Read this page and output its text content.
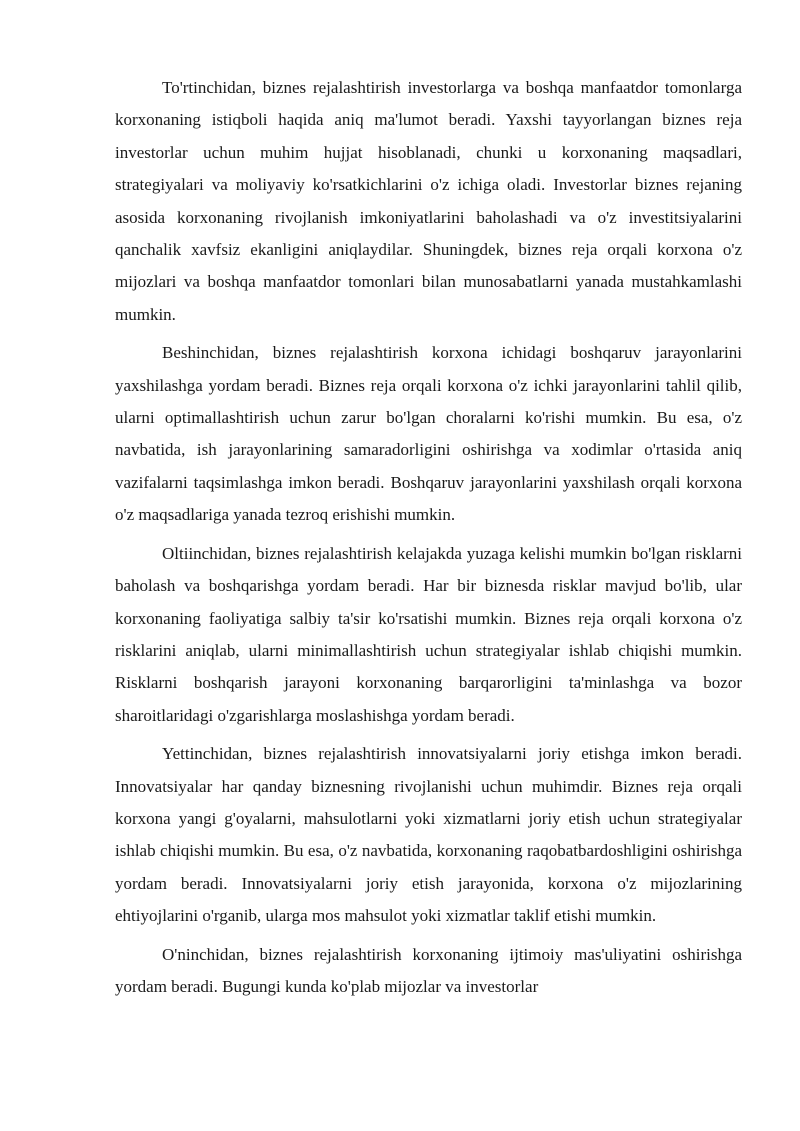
To'rtinchidan, biznes rejalashtirish investorlarga va boshqa manfaatdor tomonlarga korxonaning istiqboli haqida aniq ma'lumot beradi. Yaxshi tayyorlangan biznes reja investorlar uchun muhim hujjat hisoblanadi, chunki u korxonaning maqsadlari, strategiyalari va moliyaviy ko'rsatkichlarini o'z ichiga oladi. Investorlar biznes rejaning asosida korxonaning rivojlanish imkoniyatlarini baholashadi va o'z investitsiyalarini qanchalik xavfsiz ekanligini aniqlaydilar. Shuningdek, biznes reja orqali korxona o'z mijozlari va boshqa manfaatdor tomonlari bilan munosabatlarni yanada mustahkamlashi mumkin.

Beshinchidan, biznes rejalashtirish korxona ichidagi boshqaruv jarayonlarini yaxshilashga yordam beradi. Biznes reja orqali korxona o'z ichki jarayonlarini tahlil qilib, ularni optimallashtirish uchun zarur bo'lgan choralarni ko'rishi mumkin. Bu esa, o'z navbatida, ish jarayonlarining samaradorligini oshirishga va xodimlar o'rtasida aniq vazifalarni taqsimlashga imkon beradi. Boshqaruv jarayonlarini yaxshilash orqali korxona o'z maqsadlariga yanada tezroq erishishi mumkin.

Oltiinchidan, biznes rejalashtirish kelajakda yuzaga kelishi mumkin bo'lgan risklarni baholash va boshqarishga yordam beradi. Har bir biznesda risklar mavjud bo'lib, ular korxonaning faoliyatiga salbiy ta'sir ko'rsatishi mumkin. Biznes reja orqali korxona o'z risklarini aniqlab, ularni minimallashtirish uchun strategiyalar ishlab chiqishi mumkin. Risklarni boshqarish jarayoni korxonaning barqarorligini ta'minlashga va bozor sharoitlaridagi o'zgarishlarga moslashishga yordam beradi.

Yettinchidan, biznes rejalashtirish innovatsiyalarni joriy etishga imkon beradi. Innovatsiyalar har qanday biznesning rivojlanishi uchun muhimdir. Biznes reja orqali korxona yangi g'oyalarni, mahsulotlarni yoki xizmatlarni joriy etish uchun strategiyalar ishlab chiqishi mumkin. Bu esa, o'z navbatida, korxonaning raqobatbardoshligini oshirishga yordam beradi. Innovatsiyalarni joriy etish jarayonida, korxona o'z mijozlarining ehtiyojlarini o'rganib, ularga mos mahsulot yoki xizmatlar taklif etishi mumkin.

O'ninchidan, biznes rejalashtirish korxonaning ijtimoiy mas'uliyatini oshirishga yordam beradi. Bugungi kunda ko'plab mijozlar va investorlar
